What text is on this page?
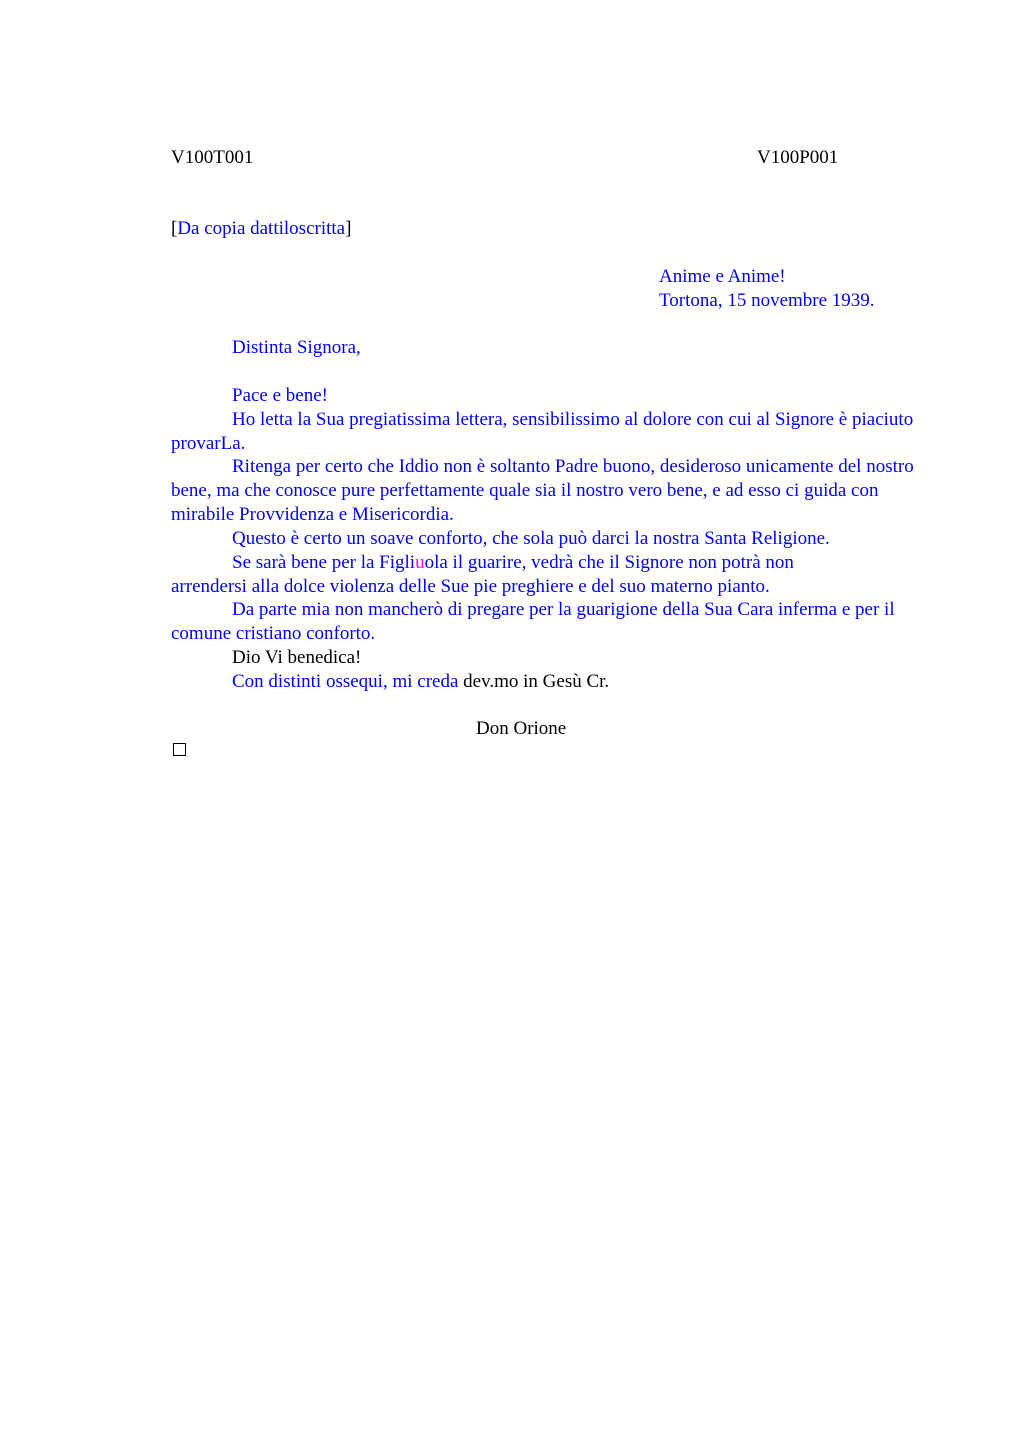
V100T001	V100P001
[Da copia dattiloscritta]
Anime e Anime!
Tortona, 15 novembre 1939.
Distinta Signora,
Pace e bene!
Ho letta la Sua pregiatissima lettera, sensibilissimo al dolore con cui al Signore è piaciuto provarLa.
Ritenga per certo che Iddio non è soltanto Padre buono, desideroso unicamente del nostro bene, ma che conosce pure perfettamente quale sia il nostro vero bene, e ad esso ci guida con mirabile Provvidenza e Misericordia.
Questo è certo un soave conforto, che sola può darci la nostra Santa Religione.
Se sarà bene per la Figliuola il guarire, vedrà che il Signore non potrà non arrendersi alla dolce violenza delle Sue pie preghiere e del suo materno pianto.
Da parte mia non mancherò di pregare per la guarigione della Sua Cara inferma e per il comune cristiano conforto.
Dio Vi benedica!
Con distinti ossequi, mi creda dev.mo in Gesù Cr.
Don Orione
